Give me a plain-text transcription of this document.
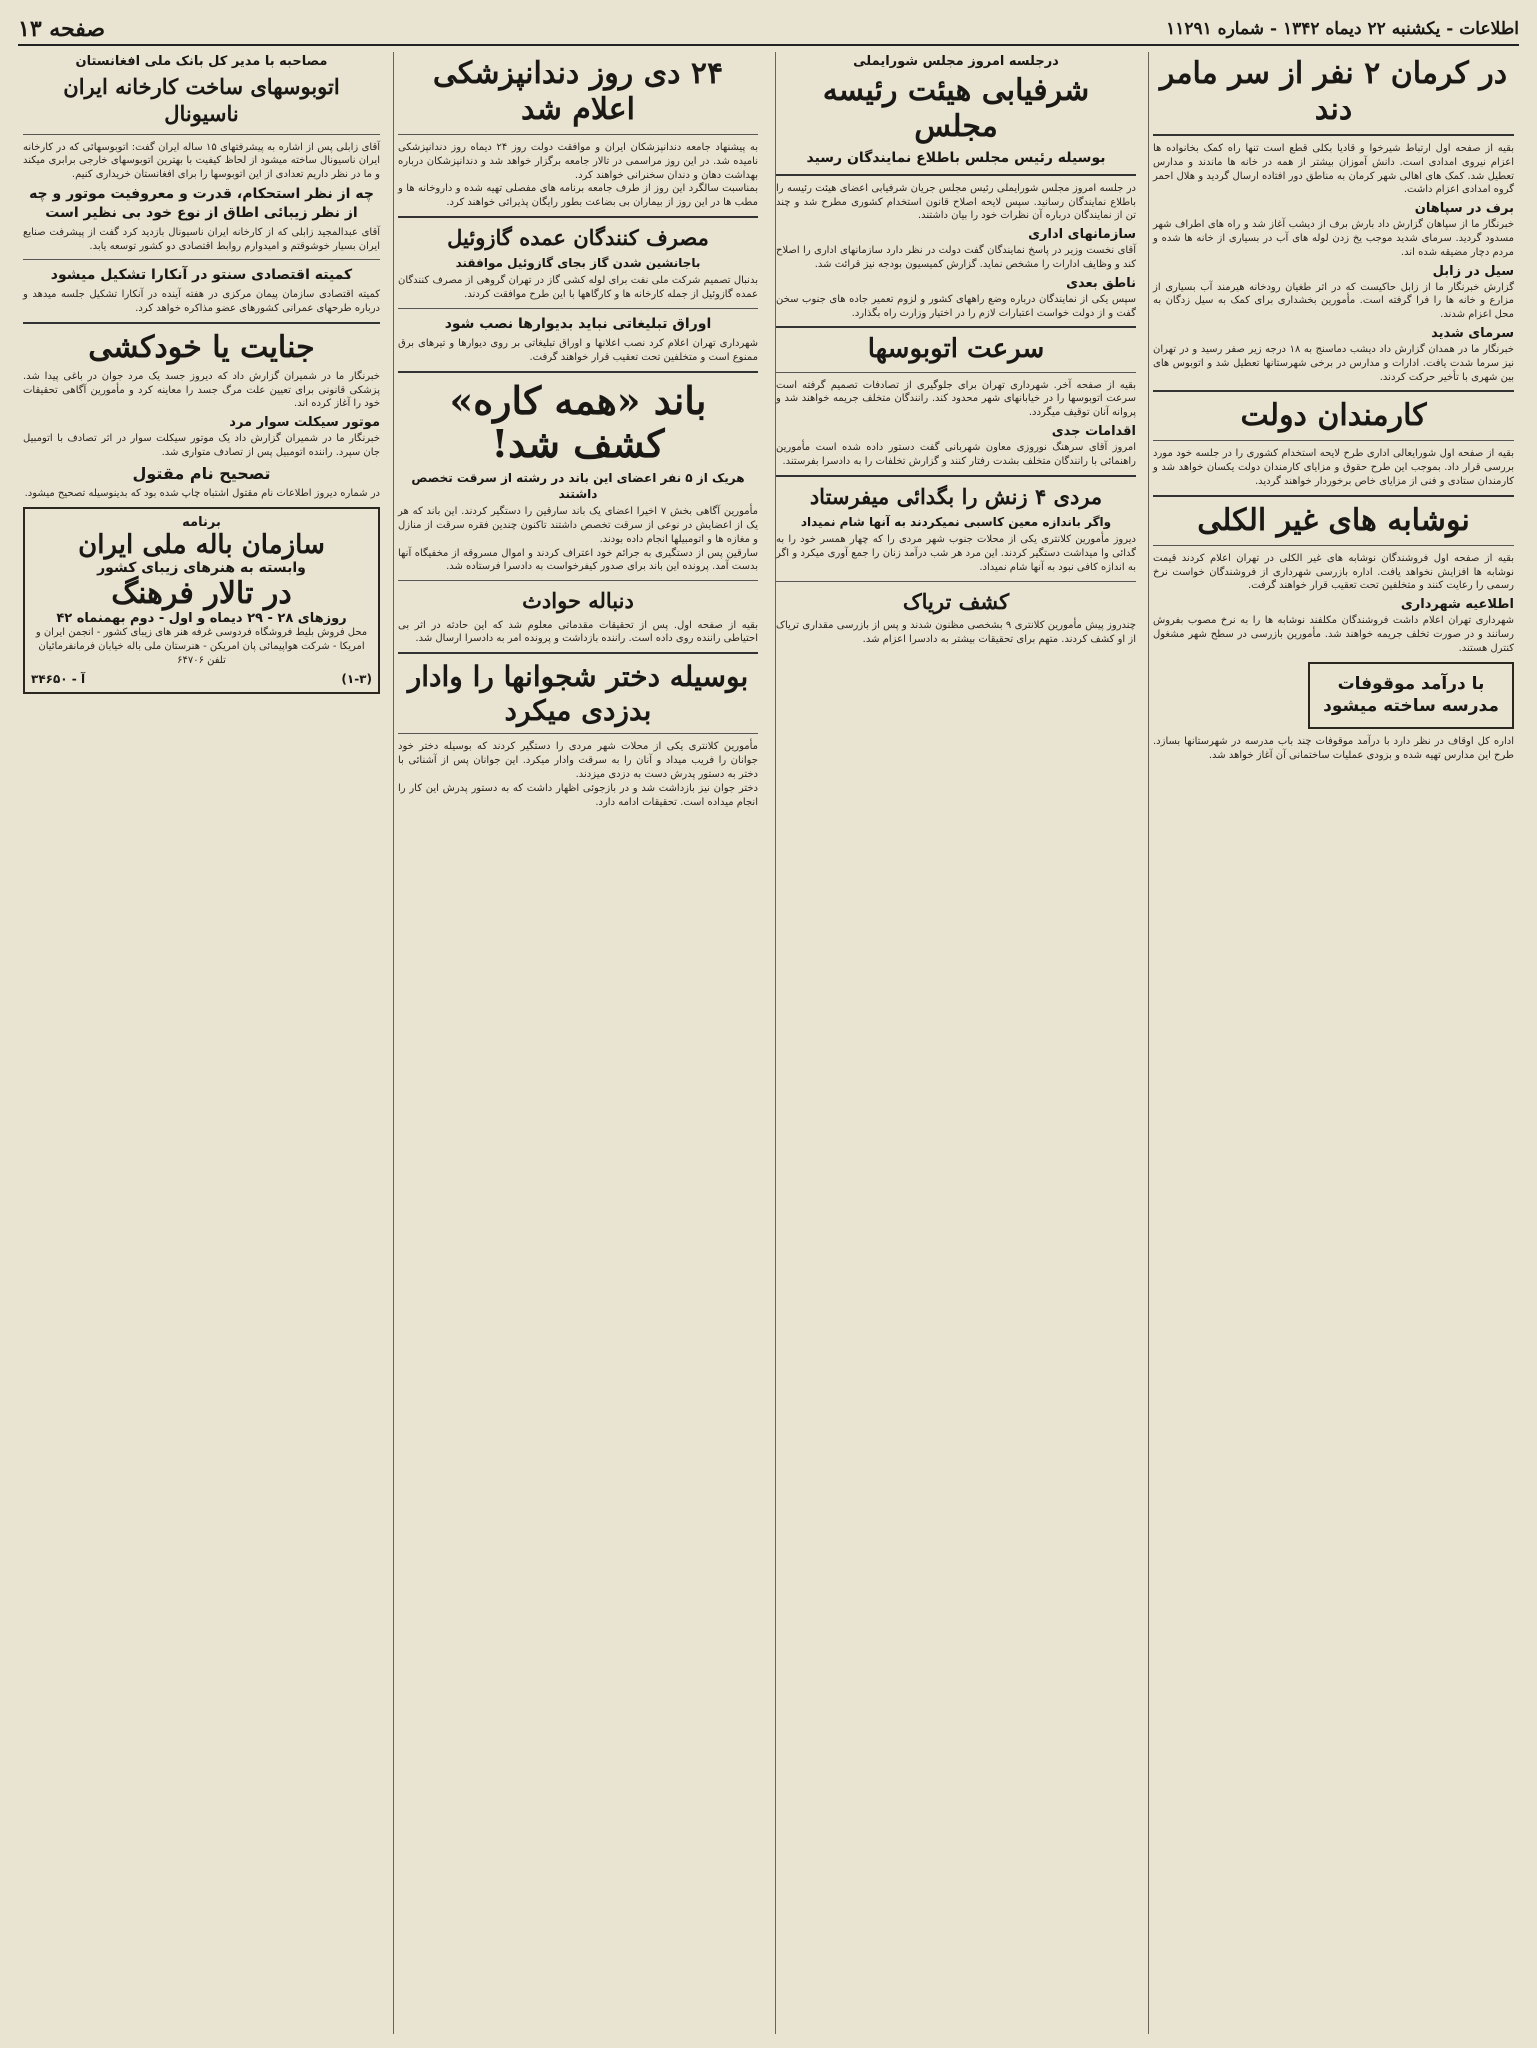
اطلاعات - یکشنبه ۲۲ دیماه ۱۳۴۲ - شماره ۱۱۲۹۱
صفحه ۱۳
در کرمان ۲ نفر از سر مامر دند

بقیه از صفحه اول ارتباط شیرخوا و قادیا بکلی قطع است تنها راه کمک بخانواده ها اعزام نیروی امدادی است. دانش آموزان بیشتر از همه در خانه ها ماندند و مدارس تعطیل شد. کمک های اهالی شهر کرمان به مناطق دور افتاده ارسال گردید و هلال احمر گروه امدادی اعزام داشت.

برف در سپاهان

خبرنگار ما از سپاهان گزارش داد بارش برف از دیشب آغاز شد و راه های اطراف شهر مسدود گردید. سرمای شدید موجب یخ زدن لوله های آب در بسیاری از خانه ها شده و مردم دچار مضیقه شده اند.

سیل در زابل

گزارش خبرنگار ما از زابل حاکیست که در اثر طغیان رودخانه هیرمند آب بسیاری از مزارع و خانه ها را فرا گرفته است. مأمورین بخشداری برای کمک به سیل زدگان به محل اعزام شدند.

سرمای شدید

خبرنگار ما در همدان گزارش داد دیشب دماسنج به ۱۸ درجه زیر صفر رسید و در تهران نیز سرما شدت یافت. ادارات و مدارس در برخی شهرستانها تعطیل شد و اتوبوس های بین شهری با تأخیر حرکت کردند.

کارمندان دولت

بقیه از صفحه اول شورایعالی اداری طرح لایحه استخدام کشوری را در جلسه خود مورد بررسی قرار داد. بموجب این طرح حقوق و مزایای کارمندان دولت یکسان خواهد شد و کارمندان ستادی و فنی از مزایای خاص برخوردار خواهند گردید.

نوشابه های غیر الکلی

بقیه از صفحه اول فروشندگان نوشابه های غیر الکلی در تهران اعلام کردند قیمت نوشابه ها افزایش نخواهد یافت. اداره بازرسی شهرداری از فروشندگان خواست نرخ رسمی را رعایت کنند و متخلفین تحت تعقیب قرار خواهند گرفت.

اطلاعیه شهرداری

شهرداری تهران اعلام داشت فروشندگان مکلفند نوشابه ها را به نرخ مصوب بفروش رسانند و در صورت تخلف جریمه خواهند شد. مأمورین بازرسی در سطح شهر مشغول کنترل هستند.

با درآمد موقوفات مدرسه ساخته میشود

اداره کل اوقاف در نظر دارد با درآمد موقوفات چند باب مدرسه در شهرستانها بسازد. طرح این مدارس تهیه شده و بزودی عملیات ساختمانی آن آغاز خواهد شد.

درجلسه امروز مجلس شورایملی
شرفیابی هیئت رئیسه مجلس
بوسیله رئیس مجلس باطلاع نمایندگان رسید

در جلسه امروز مجلس شورایملی رئیس مجلس جریان شرفیابی اعضای هیئت رئیسه را باطلاع نمایندگان رسانید. سپس لایحه اصلاح قانون استخدام کشوری مطرح شد و چند تن از نمایندگان درباره آن نظرات خود را بیان داشتند.

سازمانهای اداری

آقای نخست وزیر در پاسخ نمایندگان گفت دولت در نظر دارد سازمانهای اداری را اصلاح کند و وظایف ادارات را مشخص نماید. گزارش کمیسیون بودجه نیز قرائت شد.

ناطق بعدی

سپس یکی از نمایندگان درباره وضع راههای کشور و لزوم تعمیر جاده های جنوب سخن گفت و از دولت خواست اعتبارات لازم را در اختیار وزارت راه بگذارد.

سرعت اتوبوسها

بقیه از صفحه آخر. شهرداری تهران برای جلوگیری از تصادفات تصمیم گرفته است سرعت اتوبوسها را در خیابانهای شهر محدود کند. رانندگان متخلف جریمه خواهند شد و پروانه آنان توقیف میگردد.

اقدامات جدی

امروز آقای سرهنگ نوروزی معاون شهربانی گفت دستور داده شده است مأمورین راهنمائی با رانندگان متخلف بشدت رفتار کنند و گزارش تخلفات را به دادسرا بفرستند.

مردی ۴ زنش را بگدائی میفرستاد
واگر باندازه معین کاسبی نمیکردند به آنها شام نمیداد

دیروز مأمورین کلانتری یکی از محلات جنوب شهر مردی را که چهار همسر خود را به گدائی وا میداشت دستگیر کردند. این مرد هر شب درآمد زنان را جمع آوری میکرد و اگر به اندازه کافی نبود به آنها شام نمیداد.

کشف تریاک

چندروز پیش مأمورین کلانتری ۹ بشخصی مظنون شدند و پس از بازرسی مقداری تریاک از او کشف کردند. متهم برای تحقیقات بیشتر به دادسرا اعزام شد.

۲۴ دی روز دندانپزشکی اعلام شد

به پیشنهاد جامعه دندانپزشکان ایران و موافقت دولت روز ۲۴ دیماه روز دندانپزشکی نامیده شد. در این روز مراسمی در تالار جامعه برگزار خواهد شد و دندانپزشکان درباره بهداشت دهان و دندان سخنرانی خواهند کرد.

بمناسبت سالگرد این روز از طرف جامعه برنامه های مفصلی تهیه شده و داروخانه ها و مطب ها در این روز از بیماران بی بضاعت بطور رایگان پذیرائی خواهند کرد.

مصرف کنندگان عمده گازوئیل
باجانشین شدن گاز بجای گازوئیل موافقند

بدنبال تصمیم شرکت ملی نفت برای لوله کشی گاز در تهران گروهی از مصرف کنندگان عمده گازوئیل از جمله کارخانه ها و کارگاهها با این طرح موافقت کردند.

اوراق تبلیغاتی نباید بدیوارها نصب شود

شهرداری تهران اعلام کرد نصب اعلانها و اوراق تبلیغاتی بر روی دیوارها و تیرهای برق ممنوع است و متخلفین تحت تعقیب قرار خواهند گرفت.

باند «همه کاره» کشف شد!
هریک از ۵ نفر اعضای این باند در رشته از سرقت تخصص داشتند

مأمورین آگاهی بخش ۷ اخیرا اعضای یک باند سارقین را دستگیر کردند. این باند که هر یک از اعضایش در نوعی از سرقت تخصص داشتند تاکنون چندین فقره سرقت از منازل و مغازه ها و اتومبیلها انجام داده بودند.

سارقین پس از دستگیری به جرائم خود اعتراف کردند و اموال مسروقه از مخفیگاه آنها بدست آمد. پرونده این باند برای صدور کیفرخواست به دادسرا فرستاده شد.

دنباله حوادث

بقیه از صفحه اول. پس از تحقیقات مقدماتی معلوم شد که این حادثه در اثر بی احتیاطی راننده روی داده است. راننده بازداشت و پرونده امر به دادسرا ارسال شد.

بوسیله دختر شجوانها را وادار بدزدی میکرد

مأمورین کلانتری یکی از محلات شهر مردی را دستگیر کردند که بوسیله دختر خود جوانان را فریب میداد و آنان را به سرقت وادار میکرد. این جوانان پس از آشنائی با دختر به دستور پدرش دست به دزدی میزدند.

دختر جوان نیز بازداشت شد و در بازجوئی اظهار داشت که به دستور پدرش این کار را انجام میداده است. تحقیقات ادامه دارد.

مصاحبه با مدیر کل بانک ملی افغانستان
اتوبوسهای ساخت کارخانه ایران ناسیونال

آقای زابلی پس از اشاره به پیشرفتهای ۱۵ ساله ایران گفت: اتوبوسهائی که در کارخانه ایران ناسیونال ساخته میشود از لحاظ کیفیت با بهترین اتوبوسهای خارجی برابری میکند و ما در نظر داریم تعدادی از این اتوبوسها را برای افغانستان خریداری کنیم.

چه از نظر استحکام، قدرت و معروفیت موتور و چه از نظر زیبائی اطاق از نوع خود بی نظیر است

آقای عبدالمجید زابلی که از کارخانه ایران ناسیونال بازدید کرد گفت از پیشرفت صنایع ایران بسیار خوشوقتم و امیدوارم روابط اقتصادی دو کشور توسعه یابد.

کمیته اقتصادی سنتو در آنکارا تشکیل میشود

کمیته اقتصادی سازمان پیمان مرکزی در هفته آینده در آنکارا تشکیل جلسه میدهد و درباره طرحهای عمرانی کشورهای عضو مذاکره خواهد کرد.

جنایت یا خودکشی

خبرنگار ما در شمیران گزارش داد که دیروز جسد یک مرد جوان در باغی پیدا شد. پزشکی قانونی برای تعیین علت مرگ جسد را معاینه کرد و مأمورین آگاهی تحقیقات خود را آغاز کرده اند.

موتور سیکلت سوار مرد

خبرنگار ما در شمیران گزارش داد یک موتور سیکلت سوار در اثر تصادف با اتومبیل جان سپرد. راننده اتومبیل پس از تصادف متواری شد.

تصحیح نام مقتول

در شماره دیروز اطلاعات نام مقتول اشتباه چاپ شده بود که بدینوسیله تصحیح میشود.

برنامه
سازمان باله ملی ایران
وابسته به هنرهای زیبای کشور
در تالار فرهنگ
روزهای ۲۸ - ۲۹ دیماه و اول - دوم بهمنماه ۴۲

محل فروش بلیط فروشگاه فردوسی غرفه هنر های زیبای کشور - انجمن ایران و امریکا - شرکت هواپیمائی پان امریکن - هنرستان ملی باله خیابان فرمانفرمائیان تلفن ۶۴۷۰۶

(۱-۳)
آ - ۳۴۶۵۰
